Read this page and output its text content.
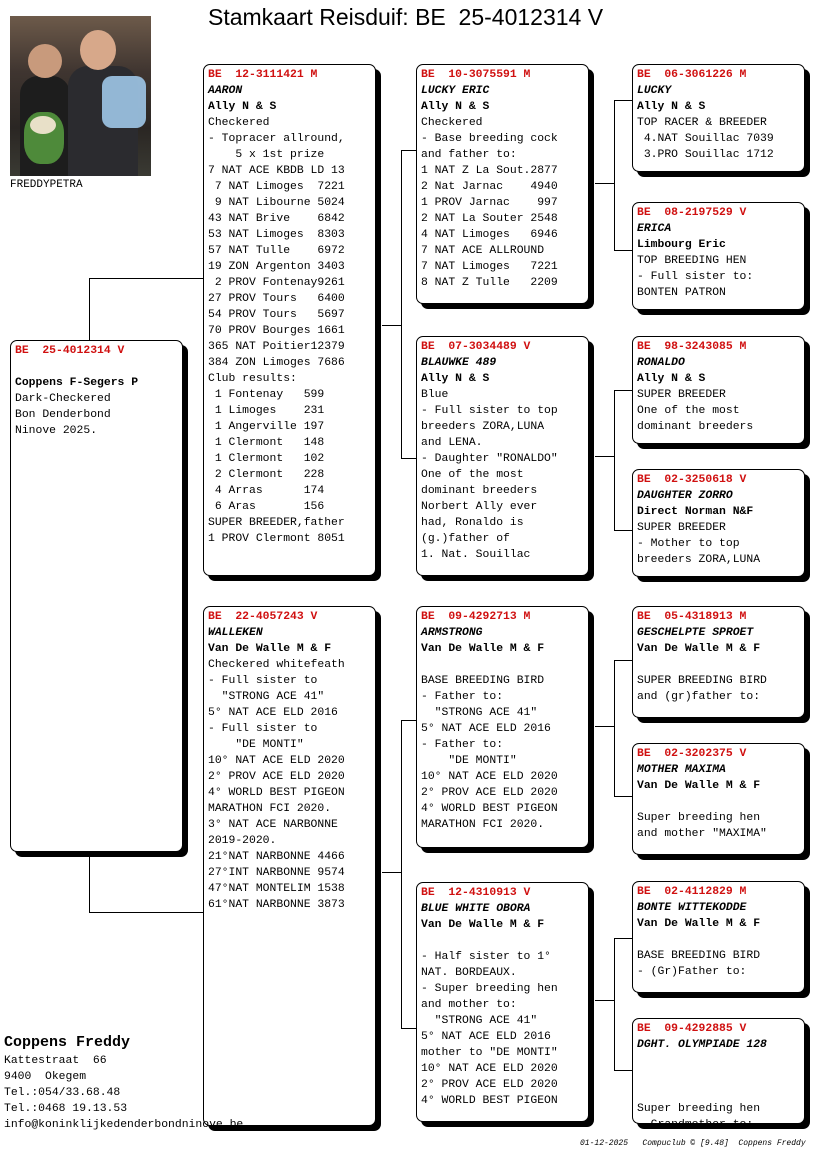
Stamkaart Reisduif: BE  25-4012314 V
FREDDYPETRA
BE  25-4012314 V
Coppens F-Segers P
Dark-Checkered
Bon Denderbond
Ninove 2025.
BE  12-3111421 M
AARON
Ally N & S
Checkered
- Topracer allround,
5 x 1st prize
7 NAT ACE KBDB LD 13
7 NAT Limoges  7221
9 NAT Libourne 5024
43 NAT Brive    6842
53 NAT Limoges  8303
57 NAT Tulle    6972
19 ZON Argenton 3403
2 PROV Fontenay9261
27 PROV Tours   6400
54 PROV Tours   5697
70 PROV Bourges 1661
365 NAT Poitier12379
384 ZON Limoges 7686
Club results:
1 Fontenay   599
1 Limoges    231
1 Angerville 197
1 Clermont   148
1 Clermont   102
2 Clermont   228
4 Arras      174
6 Aras       156
SUPER BREEDER,father
1 PROV Clermont 8051
BE  22-4057243 V
WALLEKEN
Van De Walle M & F
Checkered whitefeath
- Full sister to
"STRONG ACE 41"
5° NAT ACE ELD 2016
- Full sister to
"DE MONTI"
10° NAT ACE ELD 2020
2° PROV ACE ELD 2020
4° WORLD BEST PIGEON
MARATHON FCI 2020.
3° NAT ACE NARBONNE
2019-2020.
21°NAT NARBONNE 4466
27°INT NARBONNE 9574
47°NAT MONTELIM 1538
61°NAT NARBONNE 3873
BE  10-3075591 M
LUCKY ERIC
Ally N & S
Checkered
- Base breeding cock
and father to:
1 NAT Z La Sout.2877
2 Nat Jarnac    4940
1 PROV Jarnac    997
2 NAT La Souter 2548
4 NAT Limoges   6946
7 NAT ACE ALLROUND
7 NAT Limoges   7221
8 NAT Z Tulle   2209
BE  07-3034489 V
BLAUWKE 489
Ally N & S
Blue
- Full sister to top
breeders ZORA,LUNA
and LENA.
- Daughter "RONALDO"
One of the most
dominant breeders
Norbert Ally ever
had, Ronaldo is
(g.)father of
1. Nat. Souillac
BE  09-4292713 M
ARMSTRONG
Van De Walle M & F
BASE BREEDING BIRD
- Father to:
"STRONG ACE 41"
5° NAT ACE ELD 2016
- Father to:
"DE MONTI"
10° NAT ACE ELD 2020
2° PROV ACE ELD 2020
4° WORLD BEST PIGEON
MARATHON FCI 2020.
BE  12-4310913 V
BLUE WHITE OBORA
Van De Walle M & F
- Half sister to 1°
NAT. BORDEAUX.
- Super breeding hen
and mother to:
"STRONG ACE 41"
5° NAT ACE ELD 2016
mother to "DE MONTI"
10° NAT ACE ELD 2020
2° PROV ACE ELD 2020
4° WORLD BEST PIGEON
BE  06-3061226 M
LUCKY
Ally N & S
TOP RACER & BREEDER
4.NAT Souillac 7039
3.PRO Souillac 1712
BE  08-2197529 V
ERICA
Limbourg Eric
TOP BREEDING HEN
- Full sister to:
BONTEN PATRON
BE  98-3243085 M
RONALDO
Ally N & S
SUPER BREEDER
One of the most
dominant breeders
BE  02-3250618 V
DAUGHTER ZORRO
Direct Norman N&F
SUPER BREEDER
- Mother to top
breeders ZORA,LUNA
BE  05-4318913 M
GESCHELPTE SPROET
Van De Walle M & F
SUPER BREEDING BIRD
and (gr)father to:
BE  02-3202375 V
MOTHER MAXIMA
Van De Walle M & F
Super breeding hen
and mother "MAXIMA"
BE  02-4112829 M
BONTE WITTEKODDE
Van De Walle M & F
BASE BREEDING BIRD
- (Gr)Father to:
BE  09-4292885 V
DGHT. OLYMPIADE 128
Super breeding hen
- Grandmother to:
Coppens Freddy
Kattestraat  66
9400  Okegem
Tel.:054/33.68.48
Tel.:0468 19.13.53
info@koninklijkedenderbondninove.be
01-12-2025   Compuclub © [9.48]  Coppens Freddy
